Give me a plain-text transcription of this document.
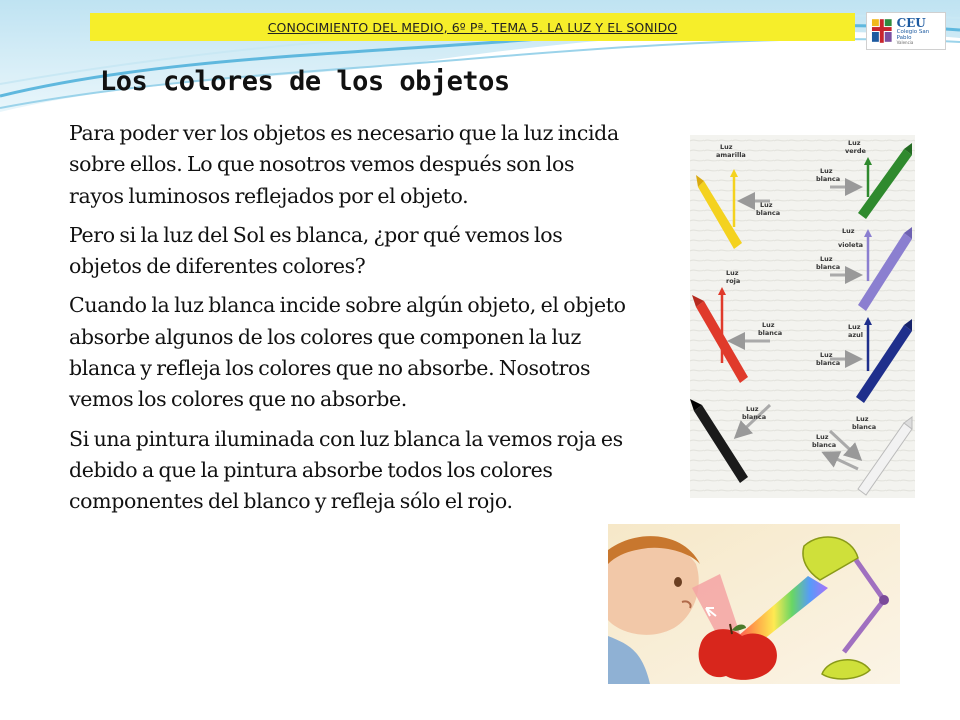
CONOCIMIENTO DEL MEDIO, 6º Pª. TEMA 5. LA LUZ Y EL SONIDO	CEU
Colegio San Pablo
Valencia
Los colores de los objetos

Para poder ver los objetos es necesario que la luz incida sobre ellos. Lo que nosotros vemos después son los rayos luminosos reflejados por el objeto.

Pero si la luz del Sol es blanca, ¿por qué vemos los objetos de diferentes colores?

Cuando la luz blanca incide sobre algún objeto, el objeto absorbe algunos de los colores que componen la luz blanca y refleja los colores que no absorbe. Nosotros vemos los colores que no absorbe.

Si una pintura iluminada con luz blanca la vemos roja es debido a que la pintura absorbe todos los colores componentes del blanco y refleja sólo el rojo.

Luz
amarilla
Luz
blanca
Luz
verde
Luz
blanca
Luz
violeta
Luz
blanca
Luz
roja
Luz
blanca
Luz
azul
Luz
blanca
Luz
blanca	Luz
blanca
Luz
blanca
